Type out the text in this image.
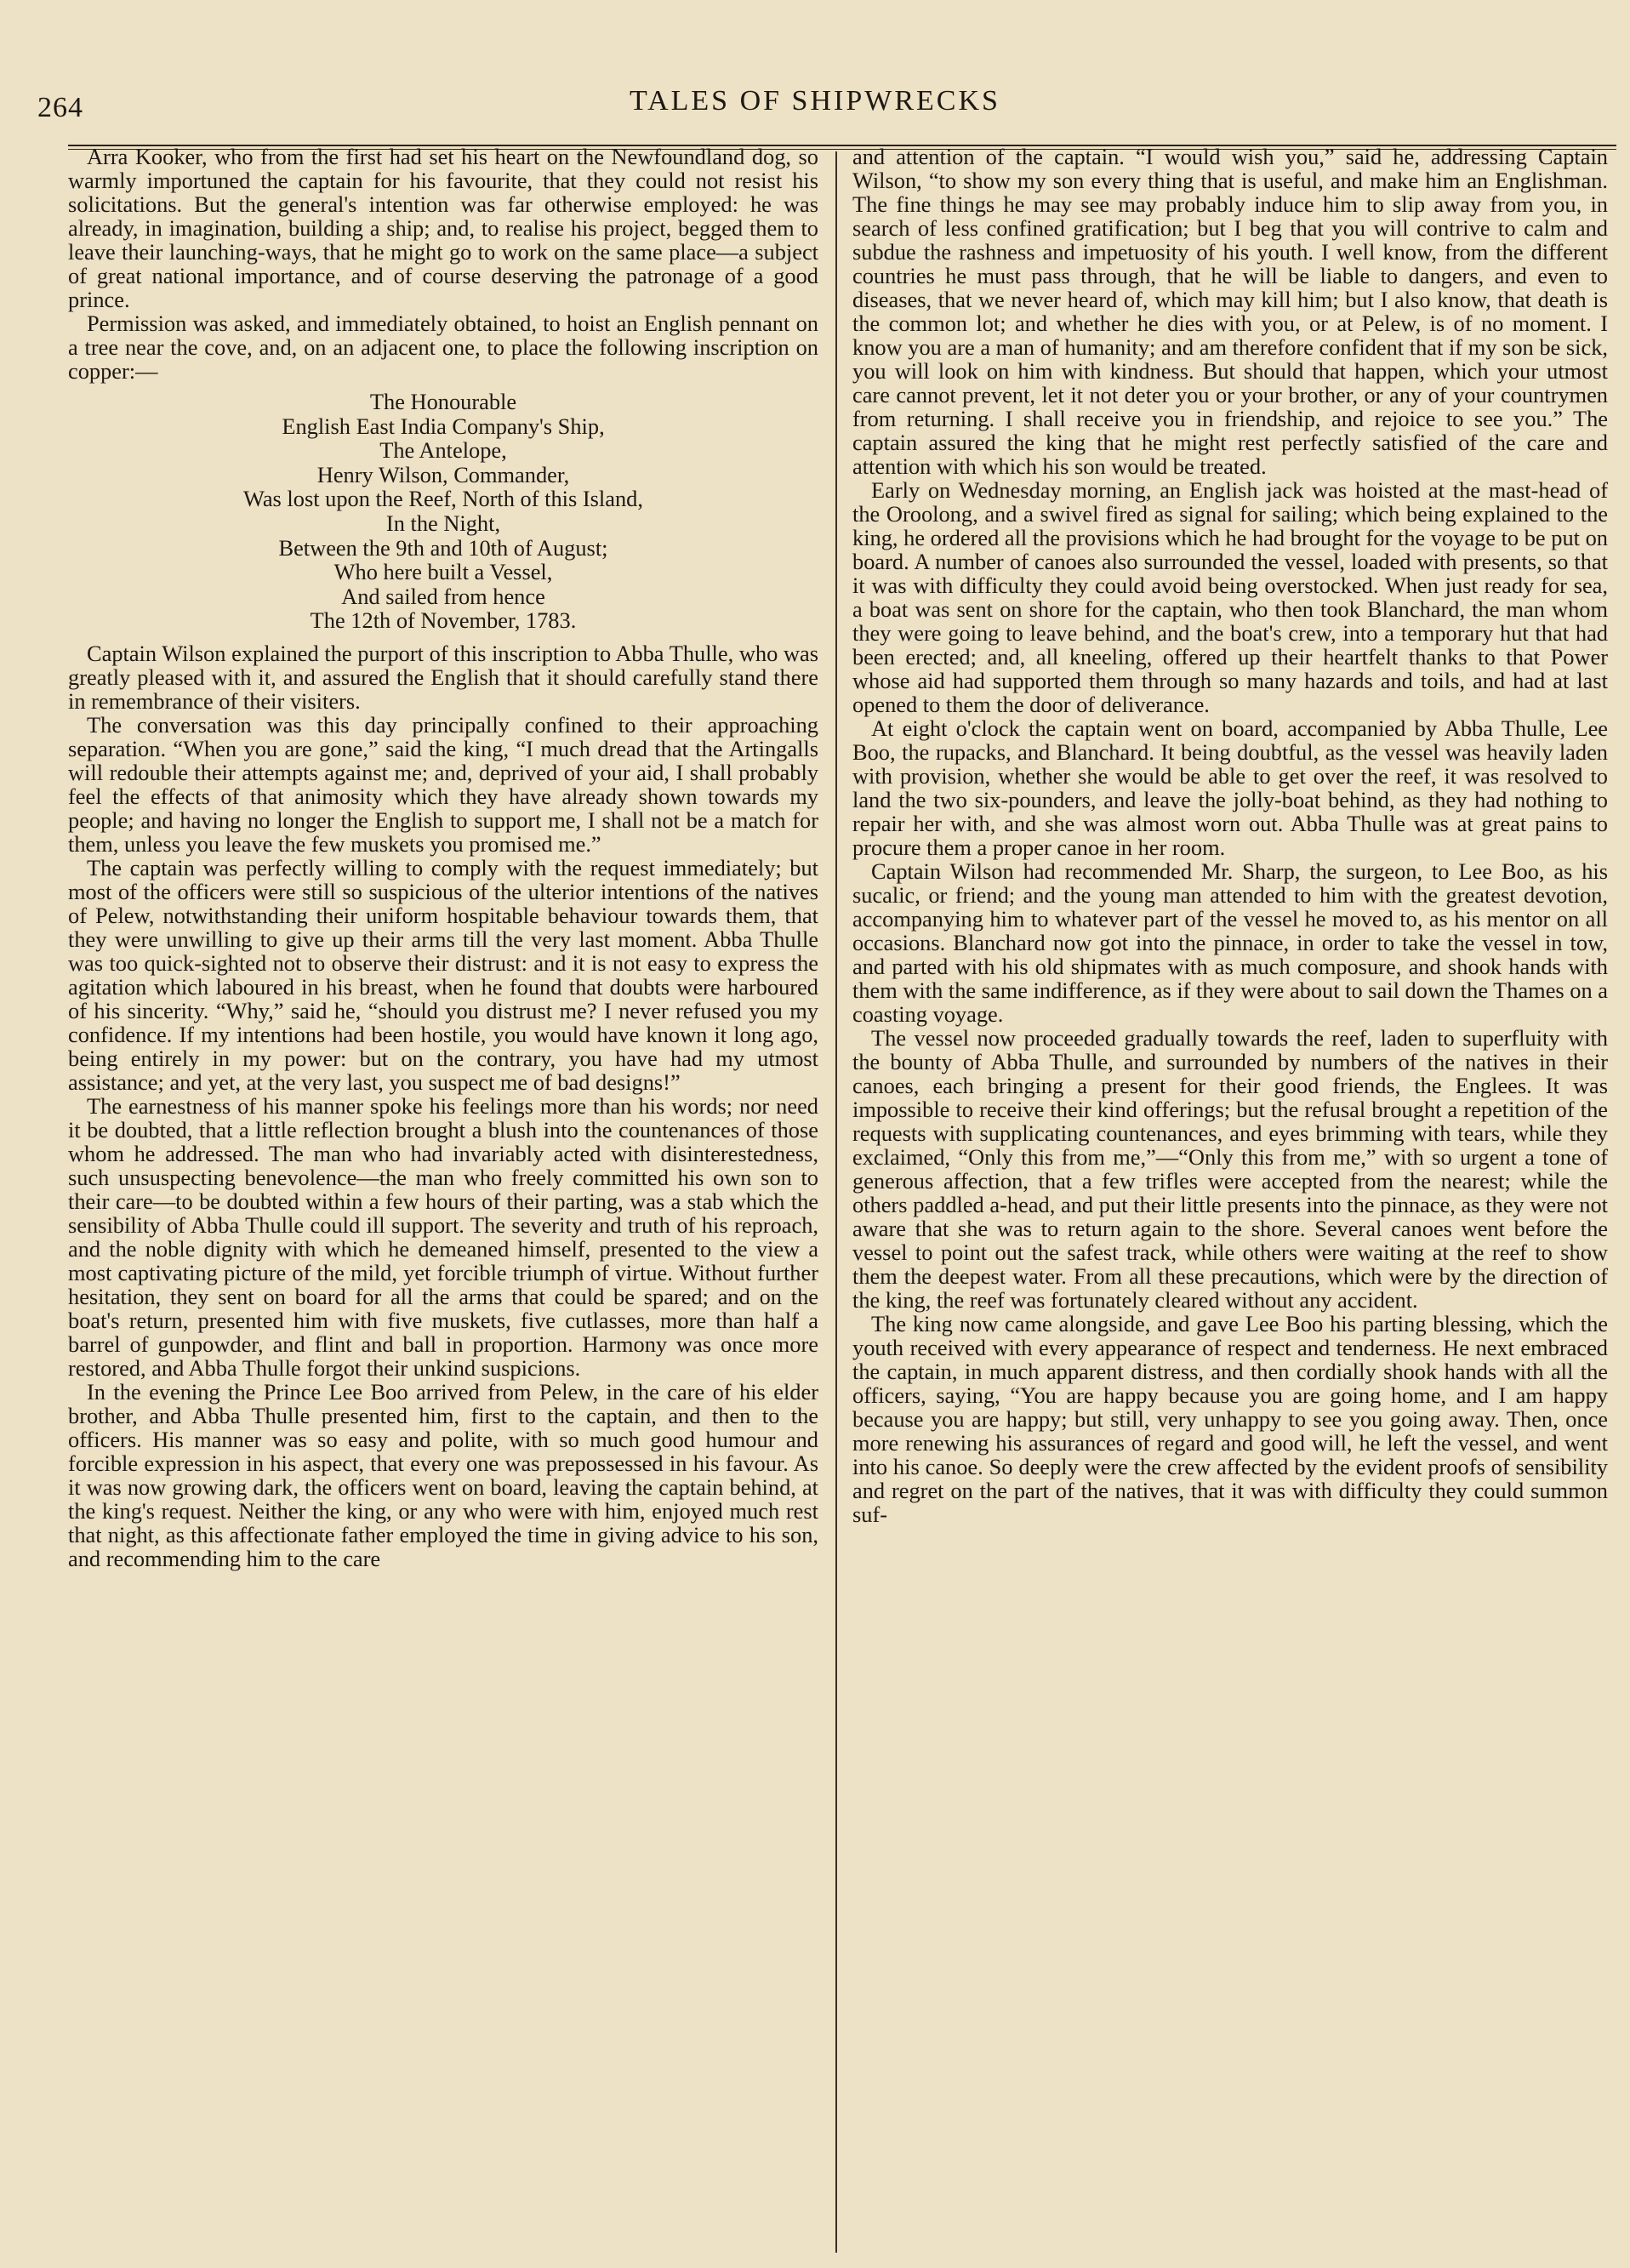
264	TALES OF SHIPWRECKS

Arra Kooker, who from the first had set his heart on the Newfoundland dog, so warmly importuned the captain for his favourite, that they could not resist his solicitations. But the general's intention was far otherwise employed: he was already, in imagination, building a ship; and, to realise his project, begged them to leave their launching-ways, that he might go to work on the same place—a subject of great national importance, and of course deserving the patronage of a good prince.

Permission was asked, and immediately obtained, to hoist an English pennant on a tree near the cove, and, on an adjacent one, to place the following inscription on copper:—

The Honourable
English East India Company's Ship,
The Antelope,
Henry Wilson, Commander,
Was lost upon the Reef, North of this Island,
In the Night,
Between the 9th and 10th of August;
Who here built a Vessel,
And sailed from hence
The 12th of November, 1783.

Captain Wilson explained the purport of this inscription to Abba Thulle, who was greatly pleased with it, and assured the English that it should carefully stand there in remembrance of their visiters.

The conversation was this day principally confined to their approaching separation. “When you are gone,” said the king, “I much dread that the Artingalls will redouble their attempts against me; and, deprived of your aid, I shall probably feel the effects of that animosity which they have already shown towards my people; and having no longer the English to support me, I shall not be a match for them, unless you leave the few muskets you promised me.”

The captain was perfectly willing to comply with the request immediately; but most of the officers were still so suspicious of the ulterior intentions of the natives of Pelew, notwithstanding their uniform hospitable behaviour towards them, that they were unwilling to give up their arms till the very last moment. Abba Thulle was too quick-sighted not to observe their distrust: and it is not easy to express the agitation which laboured in his breast, when he found that doubts were harboured of his sincerity. “Why,” said he, “should you distrust me? I never refused you my confidence. If my intentions had been hostile, you would have known it long ago, being entirely in my power: but on the contrary, you have had my utmost assistance; and yet, at the very last, you suspect me of bad designs!”

The earnestness of his manner spoke his feelings more than his words; nor need it be doubted, that a little reflection brought a blush into the countenances of those whom he addressed. The man who had invariably acted with disinterestedness, such unsuspecting benevolence—the man who freely committed his own son to their care—to be doubted within a few hours of their parting, was a stab which the sensibility of Abba Thulle could ill support. The severity and truth of his reproach, and the noble dignity with which he demeaned himself, presented to the view a most captivating picture of the mild, yet forcible triumph of virtue. Without further hesitation, they sent on board for all the arms that could be spared; and on the boat's return, presented him with five muskets, five cutlasses, more than half a barrel of gunpowder, and flint and ball in proportion. Harmony was once more restored, and Abba Thulle forgot their unkind suspicions.

In the evening the Prince Lee Boo arrived from Pelew, in the care of his elder brother, and Abba Thulle presented him, first to the captain, and then to the officers. His manner was so easy and polite, with so much good humour and forcible expression in his aspect, that every one was prepossessed in his favour. As it was now growing dark, the officers went on board, leaving the captain behind, at the king's request. Neither the king, or any who were with him, enjoyed much rest that night, as this affectionate father employed the time in giving advice to his son, and recommending him to the care

and attention of the captain. “I would wish you,” said he, addressing Captain Wilson, “to show my son every thing that is useful, and make him an Englishman. The fine things he may see may probably induce him to slip away from you, in search of less confined gratification; but I beg that you will contrive to calm and subdue the rashness and impetuosity of his youth. I well know, from the different countries he must pass through, that he will be liable to dangers, and even to diseases, that we never heard of, which may kill him; but I also know, that death is the common lot; and whether he dies with you, or at Pelew, is of no moment. I know you are a man of humanity; and am therefore confident that if my son be sick, you will look on him with kindness. But should that happen, which your utmost care cannot prevent, let it not deter you or your brother, or any of your countrymen from returning. I shall receive you in friendship, and rejoice to see you.” The captain assured the king that he might rest perfectly satisfied of the care and attention with which his son would be treated.

Early on Wednesday morning, an English jack was hoisted at the mast-head of the Oroolong, and a swivel fired as signal for sailing; which being explained to the king, he ordered all the provisions which he had brought for the voyage to be put on board. A number of canoes also surrounded the vessel, loaded with presents, so that it was with difficulty they could avoid being overstocked. When just ready for sea, a boat was sent on shore for the captain, who then took Blanchard, the man whom they were going to leave behind, and the boat's crew, into a temporary hut that had been erected; and, all kneeling, offered up their heartfelt thanks to that Power whose aid had supported them through so many hazards and toils, and had at last opened to them the door of deliverance.

At eight o'clock the captain went on board, accompanied by Abba Thulle, Lee Boo, the rupacks, and Blanchard. It being doubtful, as the vessel was heavily laden with provision, whether she would be able to get over the reef, it was resolved to land the two six-pounders, and leave the jolly-boat behind, as they had nothing to repair her with, and she was almost worn out. Abba Thulle was at great pains to procure them a proper canoe in her room.

Captain Wilson had recommended Mr. Sharp, the surgeon, to Lee Boo, as his sucalic, or friend; and the young man attended to him with the greatest devotion, accompanying him to whatever part of the vessel he moved to, as his mentor on all occasions. Blanchard now got into the pinnace, in order to take the vessel in tow, and parted with his old shipmates with as much composure, and shook hands with them with the same indifference, as if they were about to sail down the Thames on a coasting voyage.

The vessel now proceeded gradually towards the reef, laden to superfluity with the bounty of Abba Thulle, and surrounded by numbers of the natives in their canoes, each bringing a present for their good friends, the Englees. It was impossible to receive their kind offerings; but the refusal brought a repetition of the requests with supplicating countenances, and eyes brimming with tears, while they exclaimed, “Only this from me,”—“Only this from me,” with so urgent a tone of generous affection, that a few trifles were accepted from the nearest; while the others paddled a-head, and put their little presents into the pinnace, as they were not aware that she was to return again to the shore. Several canoes went before the vessel to point out the safest track, while others were waiting at the reef to show them the deepest water. From all these precautions, which were by the direction of the king, the reef was fortunately cleared without any accident.

The king now came alongside, and gave Lee Boo his parting blessing, which the youth received with every appearance of respect and tenderness. He next embraced the captain, in much apparent distress, and then cordially shook hands with all the officers, saying, “You are happy because you are going home, and I am happy because you are happy; but still, very unhappy to see you going away. Then, once more renewing his assurances of regard and good will, he left the vessel, and went into his canoe. So deeply were the crew affected by the evident proofs of sensibility and regret on the part of the natives, that it was with difficulty they could summon suf-
